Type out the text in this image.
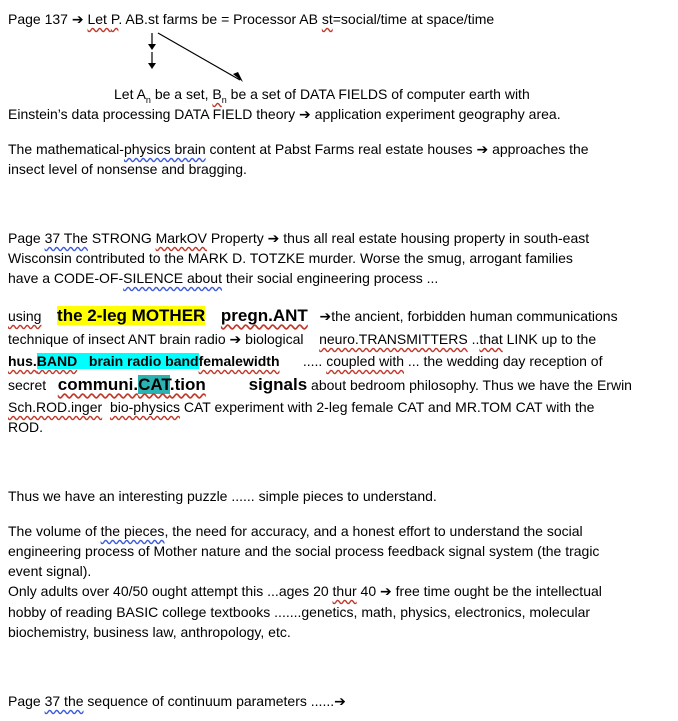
Page 137 ➔ Let P. AB.st farms be = Processor AB st=social/time at space/time
Let $A_n$ be a set, $B_n$ be a set of DATA FIELDS of computer earth with
Einstein’s data processing DATA FIELD theory ➔ application experiment geography area.
The mathematical-physics brain content at Pabst Farms real estate houses ➔ approaches the
insect level of nonsense and bragging.
Page 37 The STRONG MarkOV Property ➔ thus all real estate housing property in south-east
Wisconsin contributed to the MARK D. TOTZKE murder. Worse the smug, arrogant families
have a CODE-OF-SILENCE about their social engineering process ...
using the 2-leg MOTHER pregn.ANT ➔the ancient, forbidden human communications
technique of insect ANT brain radio ➔ biological    neuro.TRANSMITTERS ..that LINK up to the
hus.BAND   brain radio bandfemalewidth      ..... coupled with ... the wedding day reception of
secret   communi.CAT.tion	signals about bedroom philosophy. Thus we have the Erwin
Sch.ROD.inger bio-physics CAT experiment with 2-leg female CAT and MR.TOM CAT with the
ROD.
Thus we have an interesting puzzle ...... simple pieces to understand.
The volume of the pieces, the need for accuracy, and a honest effort to understand the social
engineering process of Mother nature and the social process feedback signal system (the tragic
event signal).
Only adults over 40/50 ought attempt this ...ages 20 thur 40 ➔ free time ought be the intellectual
hobby of reading BASIC college textbooks .......genetics, math, physics, electronics, molecular
biochemistry, business law, anthropology, etc.
Page 37 the sequence of continuum parameters ......➔
